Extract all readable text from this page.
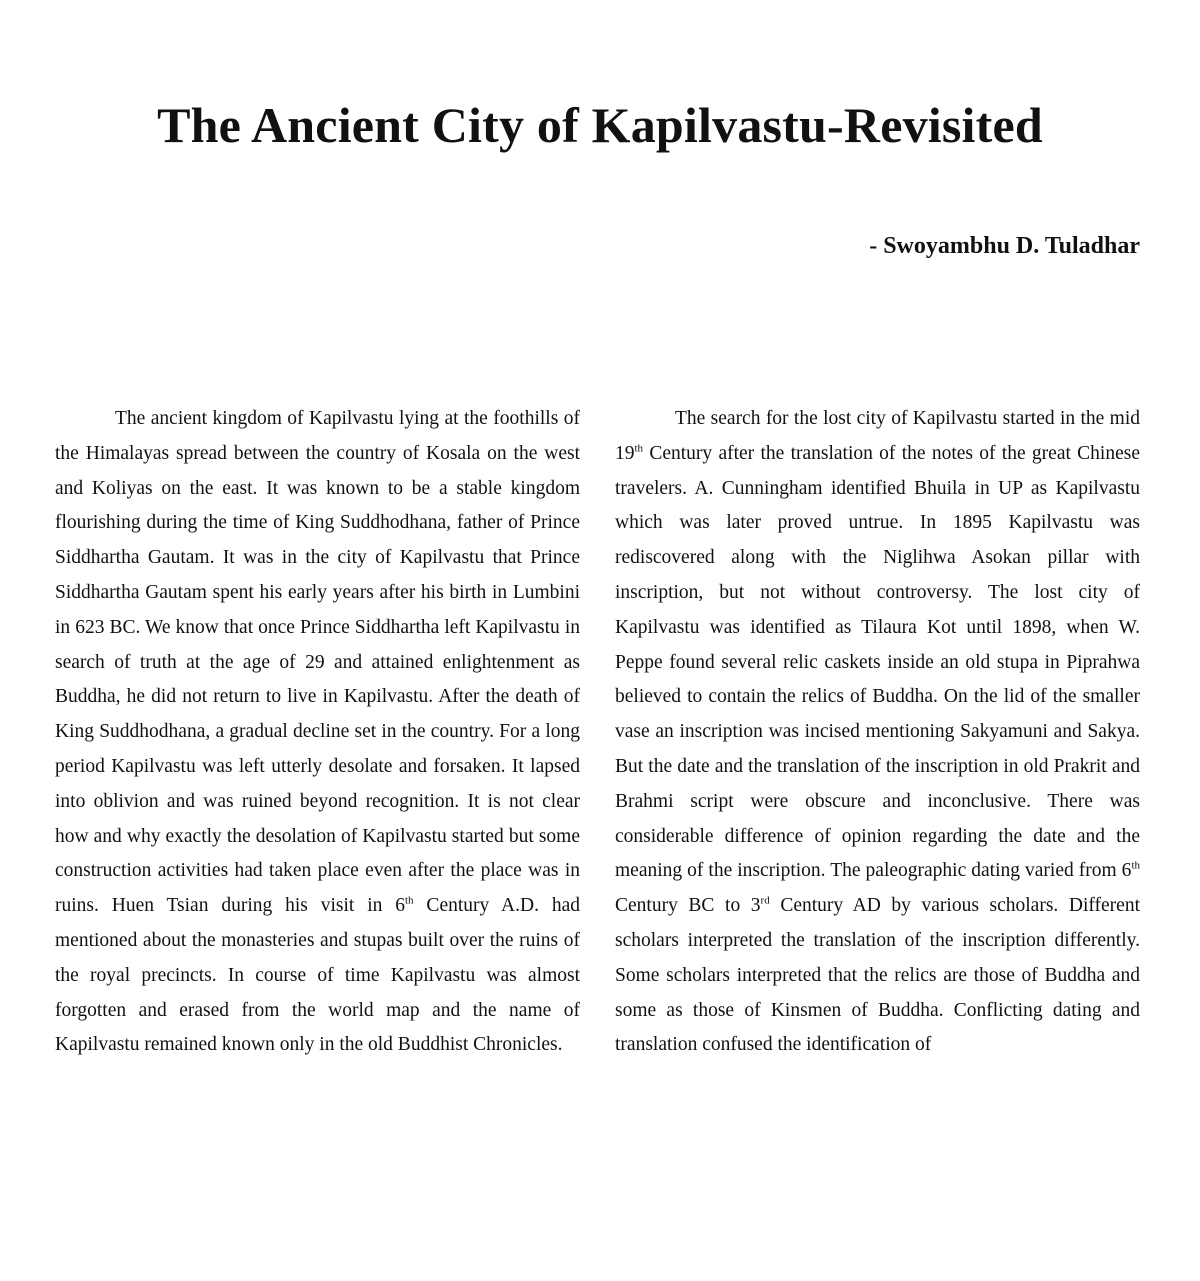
The Ancient City of Kapilvastu-Revisited
- Swoyambhu D. Tuladhar

The ancient kingdom of Kapilvastu lying at the foothills of the Himalayas spread between the country of Kosala on the west and Koliyas on the east. It was known to be a stable kingdom flourishing during the time of King Suddhodhana, father of Prince Siddhartha Gautam. It was in the city of Kapilvastu that Prince Siddhartha Gautam spent his early years after his birth in Lumbini in 623 BC. We know that once Prince Siddhartha left Kapilvastu in search of truth at the age of 29 and attained enlightenment as Buddha, he did not return to live in Kapilvastu. After the death of King Suddhodhana, a gradual decline set in the country. For a long period Kapilvastu was left utterly desolate and forsaken. It lapsed into oblivion and was ruined beyond recognition. It is not clear how and why exactly the desolation of Kapilvastu started but some construction activities had taken place even after the place was in ruins. Huen Tsian during his visit in 6th Century A.D. had mentioned about the monasteries and stupas built over the ruins of the royal precincts. In course of time Kapilvastu was almost forgotten and erased from the world map and the name of Kapilvastu remained known only in the old Buddhist Chronicles.

The search for the lost city of Kapilvastu started in the mid 19th Century after the translation of the notes of the great Chinese travelers. A. Cunningham identified Bhuila in UP as Kapilvastu which was later proved untrue. In 1895 Kapilvastu was rediscovered along with the Niglihwa Asokan pillar with inscription, but not without controversy. The lost city of Kapilvastu was identified as Tilaura Kot until 1898, when W. Peppe found several relic caskets inside an old stupa in Piprahwa believed to contain the relics of Buddha. On the lid of the smaller vase an inscription was incised mentioning Sakyamuni and Sakya. But the date and the translation of the inscription in old Prakrit and Brahmi script were obscure and inconclusive. There was considerable difference of opinion regarding the date and the meaning of the inscription. The paleographic dating varied from 6th Century BC to 3rd Century AD by various scholars. Different scholars interpreted the translation of the inscription differently. Some scholars interpreted that the relics are those of Buddha and some as those of Kinsmen of Buddha. Conflicting dating and translation confused the identification of
